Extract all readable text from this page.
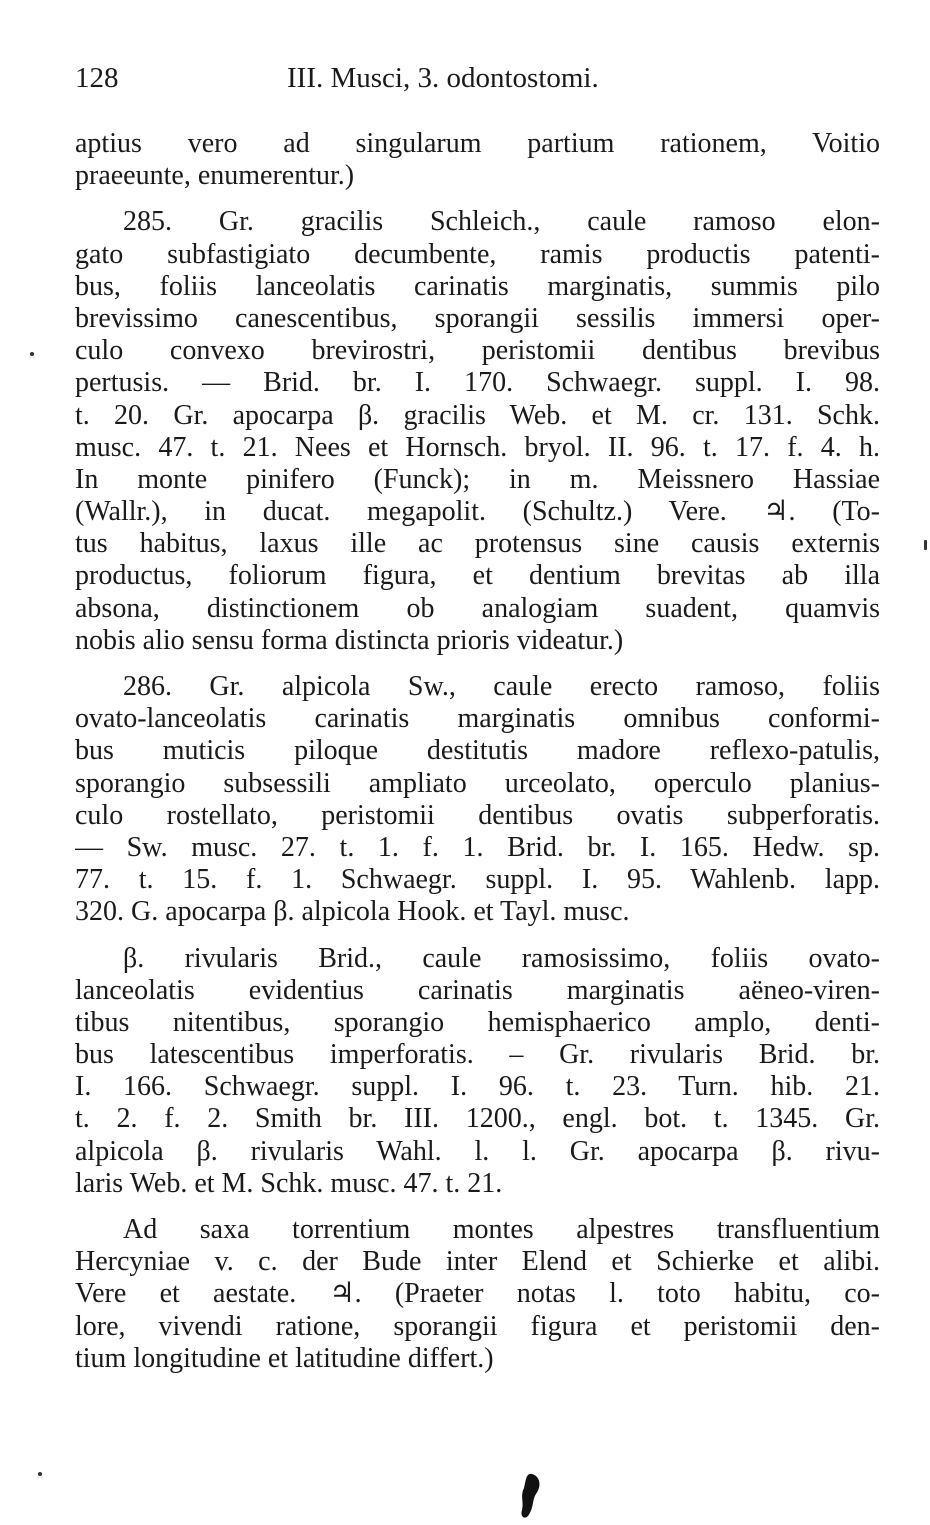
128	III. Musci, 3. odontostomi.
aptius vero ad singularum partium rationem, Voitio
praeeunte, enumerentur.)
285. Gr. gracilis Schleich., caule ramoso elon-
gato subfastigiato decumbente, ramis productis patenti-
bus, foliis lanceolatis carinatis marginatis, summis pilo
brevissimo canescentibus, sporangii sessilis immersi oper-
culo convexo brevirostri, peristomii dentibus brevibus
pertusis. — Brid. br. I. 170. Schwaegr. suppl. I. 98.
t. 20. Gr. apocarpa β. gracilis Web. et M. cr. 131. Schk.
musc. 47. t. 21. Nees et Hornsch. bryol. II. 96. t. 17. f. 4. h.
In monte pinifero (Funck); in m. Meissnero Hassiae
(Wallr.), in ducat. megapolit. (Schultz.) Vere. ♃. (To-
tus habitus, laxus ille ac protensus sine causis externis
productus, foliorum figura, et dentium brevitas ab illa
absona, distinctionem ob analogiam suadent, quamvis
nobis alio sensu forma distincta prioris videatur.)
286. Gr. alpicola Sw., caule erecto ramoso, foliis
ovato-lanceolatis carinatis marginatis omnibus conformi-
bus muticis piloque destitutis madore reflexo-patulis,
sporangio subsessili ampliato urceolato, operculo planius-
culo rostellato, peristomii dentibus ovatis subperforatis.
— Sw. musc. 27. t. 1. f. 1. Brid. br. I. 165. Hedw. sp.
77. t. 15. f. 1. Schwaegr. suppl. I. 95. Wahlenb. lapp.
320. G. apocarpa β. alpicola Hook. et Tayl. musc.
β. rivularis Brid., caule ramosissimo, foliis ovato-
lanceolatis evidentius carinatis marginatis aëneo-viren-
tibus nitentibus, sporangio hemisphaerico amplo, denti-
bus latescentibus imperforatis. – Gr. rivularis Brid. br.
I. 166. Schwaegr. suppl. I. 96. t. 23. Turn. hib. 21.
t. 2. f. 2. Smith br. III. 1200., engl. bot. t. 1345. Gr.
alpicola β. rivularis Wahl. l. l. Gr. apocarpa β. rivu-
laris Web. et M. Schk. musc. 47. t. 21.
Ad saxa torrentium montes alpestres transfluentium
Hercyniae v. c. der Bude inter Elend et Schierke et alibi.
Vere et aestate. ♃. (Praeter notas l. toto habitu, co-
lore, vivendi ratione, sporangii figura et peristomii den-
tium longitudine et latitudine differt.)
